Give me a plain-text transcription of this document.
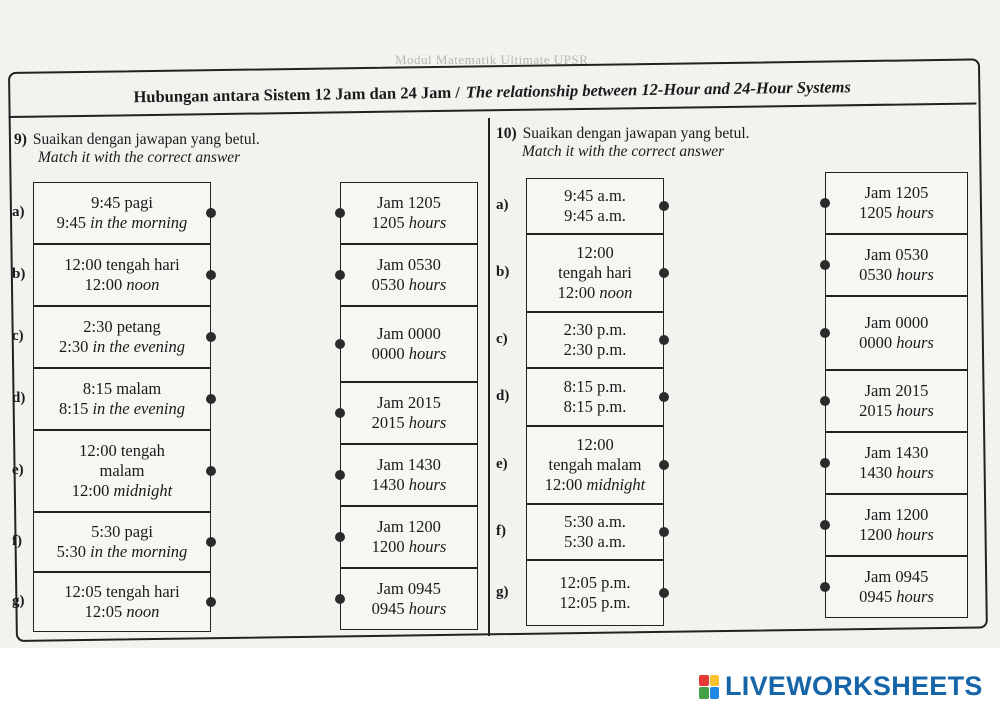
Modul Matematik Ultimate UPSR
Hubungan antara Sistem 12 Jam dan 24 Jam / The relationship between 12-Hour and 24-Hour Systems
9) Suaikan dengan jawapan yang betul.
Match it with the correct answer
10) Suaikan dengan jawapan yang betul.
Match it with the correct answer
9:45 pagi
9:45 in the morning
a)
12:00 tengah hari
12:00 noon
b)
2:30 petang
2:30 in the evening
c)
8:15 malam
8:15 in the evening
d)
12:00 tengah
malam
12:00 midnight
e)
5:30 pagi
5:30 in the morning
f)
12:05 tengah hari
12:05 noon
g)
Jam 1205
1205 hours
Jam 0530
0530 hours
Jam 0000
0000 hours
Jam 2015
2015 hours
Jam 1430
1430 hours
Jam 1200
1200 hours
Jam 0945
0945 hours
9:45 a.m.
9:45 a.m.
a)
12:00
tengah hari
12:00 noon
b)
2:30 p.m.
2:30 p.m.
c)
8:15 p.m.
8:15 p.m.
d)
12:00
tengah malam
12:00 midnight
e)
5:30 a.m.
5:30 a.m.
f)
12:05 p.m.
12:05 p.m.
g)
Jam 1205
1205 hours
Jam 0530
0530 hours
Jam 0000
0000 hours
Jam 2015
2015 hours
Jam 1430
1430 hours
Jam 1200
1200 hours
Jam 0945
0945 hours
LIVEWORKSHEETS
